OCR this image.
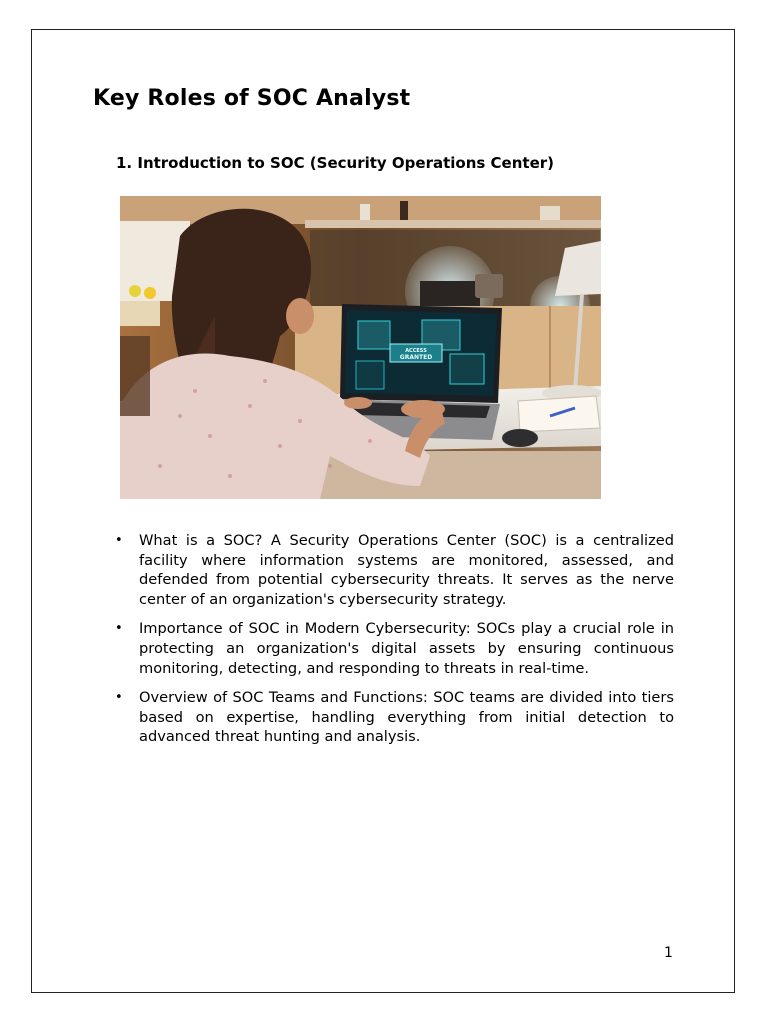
Key Roles of SOC Analyst
1. Introduction to SOC (Security Operations Center)
ACCESS
GRANTED
• What is a SOC? A Security Operations Center (SOC) is a centralized facility where information systems are monitored, assessed, and defended from potential cybersecurity threats. It serves as the nerve center of an organization's cybersecurity strategy.
• Importance of SOC in Modern Cybersecurity: SOCs play a crucial role in protecting an organization's digital assets by ensuring continuous monitoring, detecting, and responding to threats in real-time.
• Overview of SOC Teams and Functions: SOC teams are divided into tiers based on expertise, handling everything from initial detection to advanced threat hunting and analysis.
1
